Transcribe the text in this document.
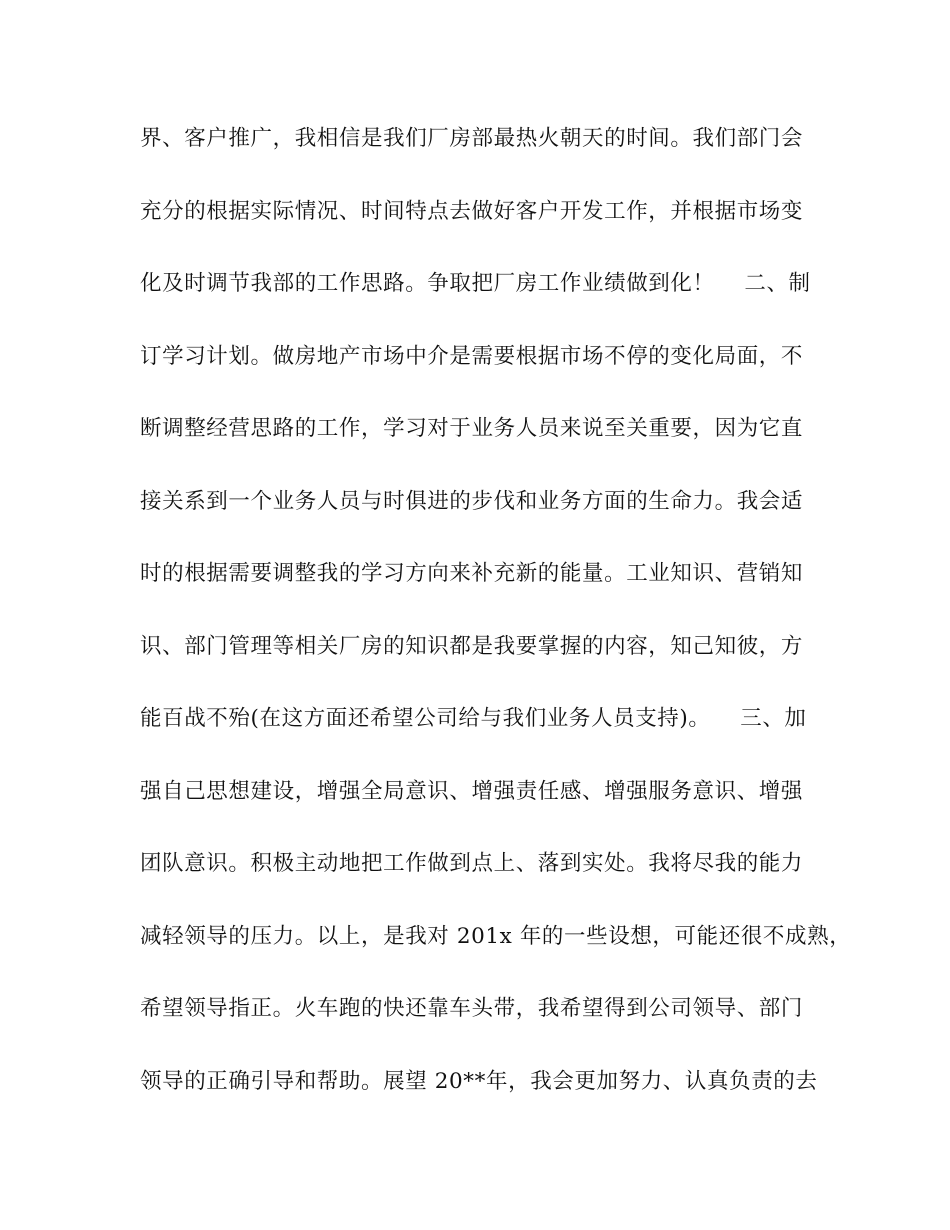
界、客户推广，我相信是我们厂房部最热火朝天的时间。我们部门会
充分的根据实际情况、时间特点去做好客户开发工作，并根据市场变
化及时调节我部的工作思路。争取把厂房工作业绩做到化！    二、制
订学习计划。做房地产市场中介是需要根据市场不停的变化局面，不
断调整经营思路的工作，学习对于业务人员来说至关重要，因为它直
接关系到一个业务人员与时俱进的步伐和业务方面的生命力。我会适
时的根据需要调整我的学习方向来补充新的能量。工业知识、营销知
识、部门管理等相关厂房的知识都是我要掌握的内容，知己知彼，方
能百战不殆(在这方面还希望公司给与我们业务人员支持)。    三、加
强自己思想建设，增强全局意识、增强责任感、增强服务意识、增强
团队意识。积极主动地把工作做到点上、落到实处。我将尽我的能力
减轻领导的压力。以上，是我对 201x 年的一些设想，可能还很不成熟，
希望领导指正。火车跑的快还靠车头带，我希望得到公司领导、部门
领导的正确引导和帮助。展望 20**年，我会更加努力、认真负责的去
